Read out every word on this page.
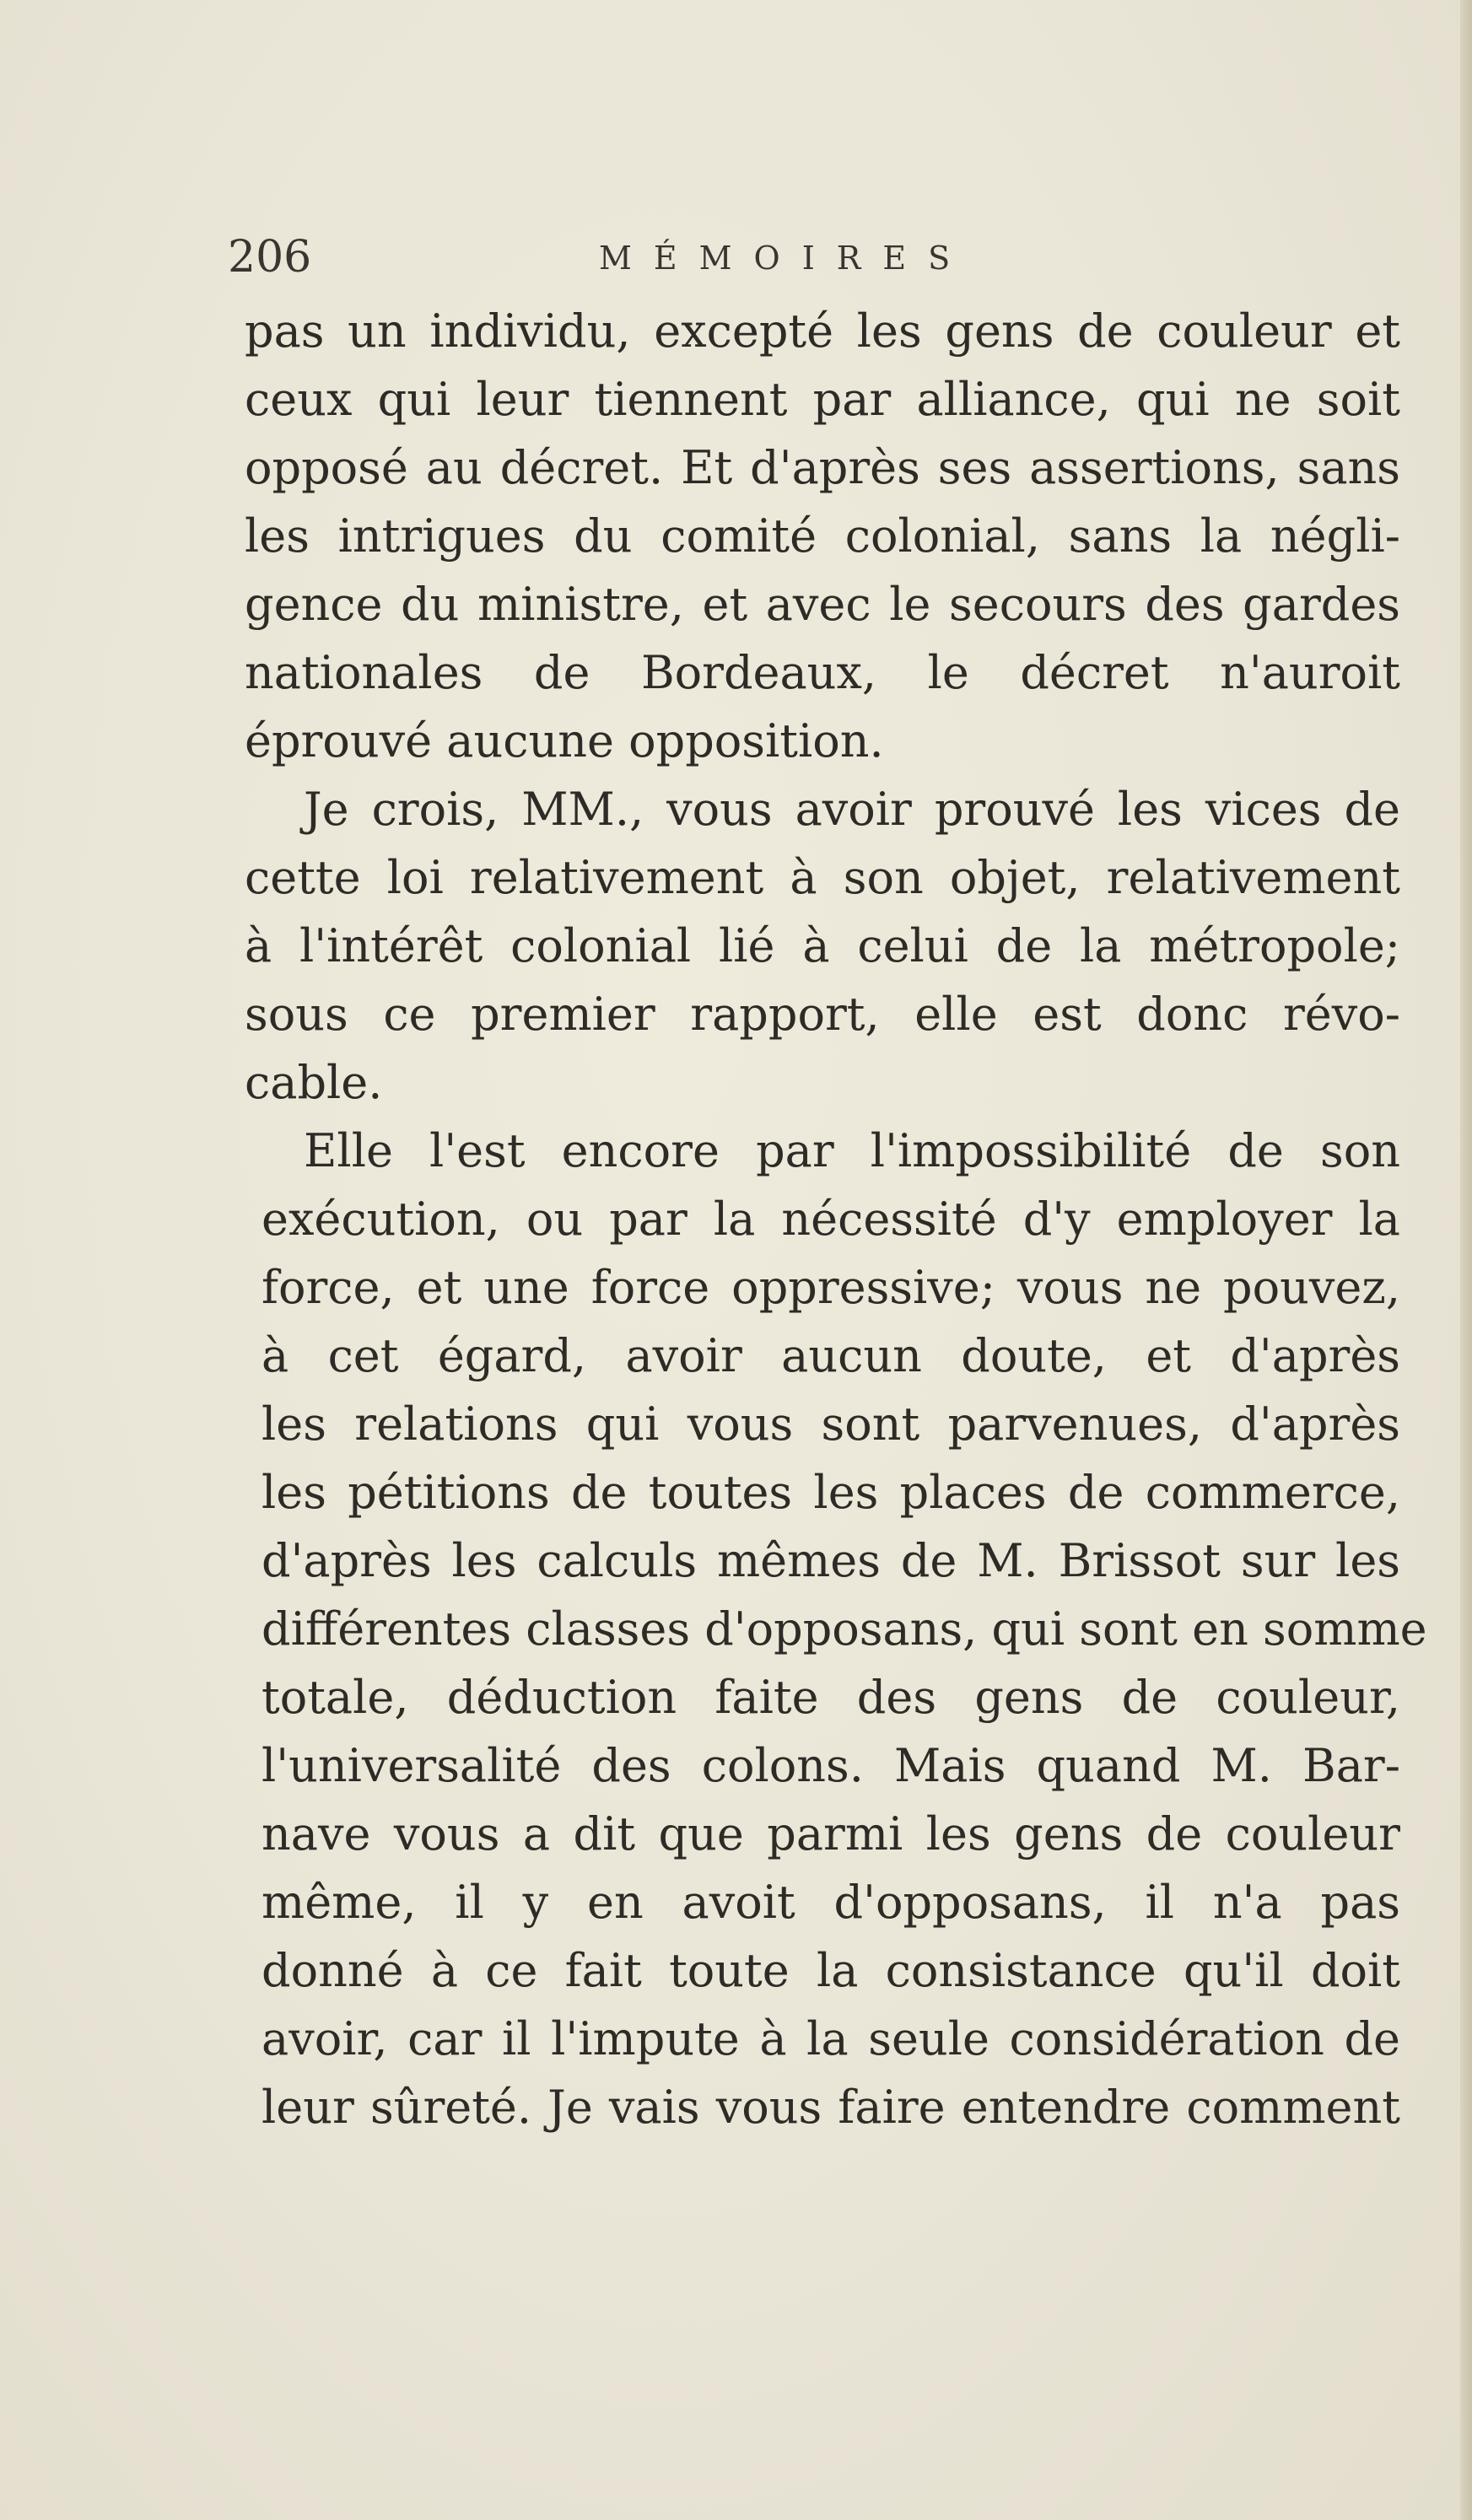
206	MÉMOIRES
pas un individu, excepté les gens de couleur et
ceux qui leur tiennent par alliance, qui ne soit
opposé au décret. Et d'après ses assertions, sans
les intrigues du comité colonial, sans la négli-
gence du ministre, et avec le secours des gardes
nationales de Bordeaux, le décret n'auroit
éprouvé aucune opposition.
Je crois, MM., vous avoir prouvé les vices de
cette loi relativement à son objet, relativement
à l'intérêt colonial lié à celui de la métropole;
sous ce premier rapport, elle est donc révo-
cable.
Elle l'est encore par l'impossibilité de son
exécution, ou par la nécessité d'y employer la
force, et une force oppressive; vous ne pouvez,
à cet égard, avoir aucun doute, et d'après
les relations qui vous sont parvenues, d'après
les pétitions de toutes les places de commerce,
d'après les calculs mêmes de M. Brissot sur les
différentes classes d'opposans, qui sont en somme
totale, déduction faite des gens de couleur,
l'universalité des colons. Mais quand M. Bar-
nave vous a dit que parmi les gens de couleur
même, il y en avoit d'opposans, il n'a pas
donné à ce fait toute la consistance qu'il doit
avoir, car il l'impute à la seule considération de
leur sûreté. Je vais vous faire entendre comment
